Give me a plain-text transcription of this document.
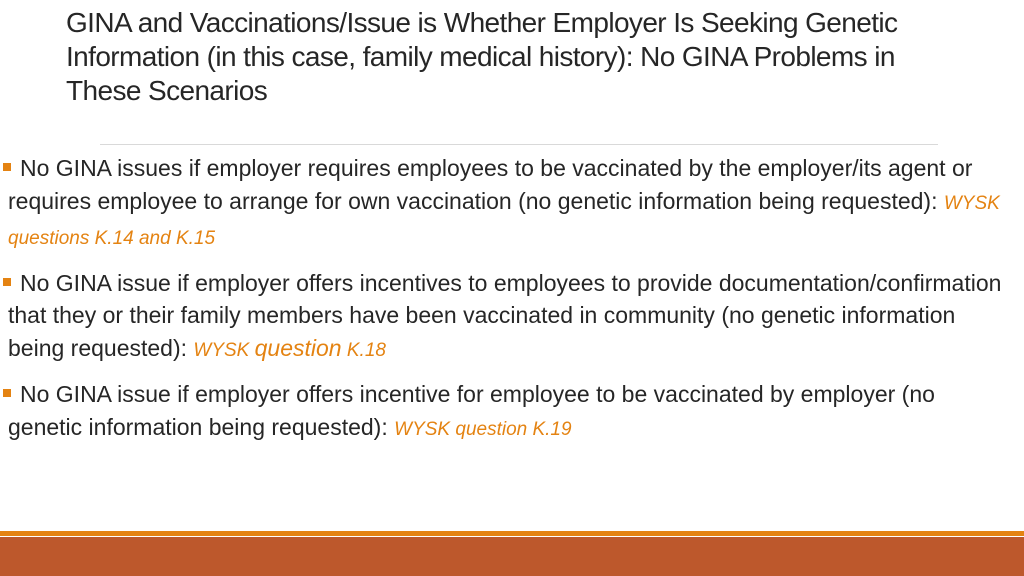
GINA and Vaccinations/Issue is Whether Employer Is Seeking Genetic Information (in this case, family medical history): No GINA Problems in These Scenarios
No GINA issues if employer requires employees to be vaccinated by the employer/its agent or requires employee to arrange for own vaccination (no genetic information being requested): WYSK questions K.14 and K.15
No GINA issue if employer offers incentives to employees to provide documentation/confirmation that they or their family members have been vaccinated in community (no genetic information being requested): WYSK question K.18
No GINA issue if employer offers incentive for employee to be vaccinated by employer (no genetic information being requested): WYSK question K.19
